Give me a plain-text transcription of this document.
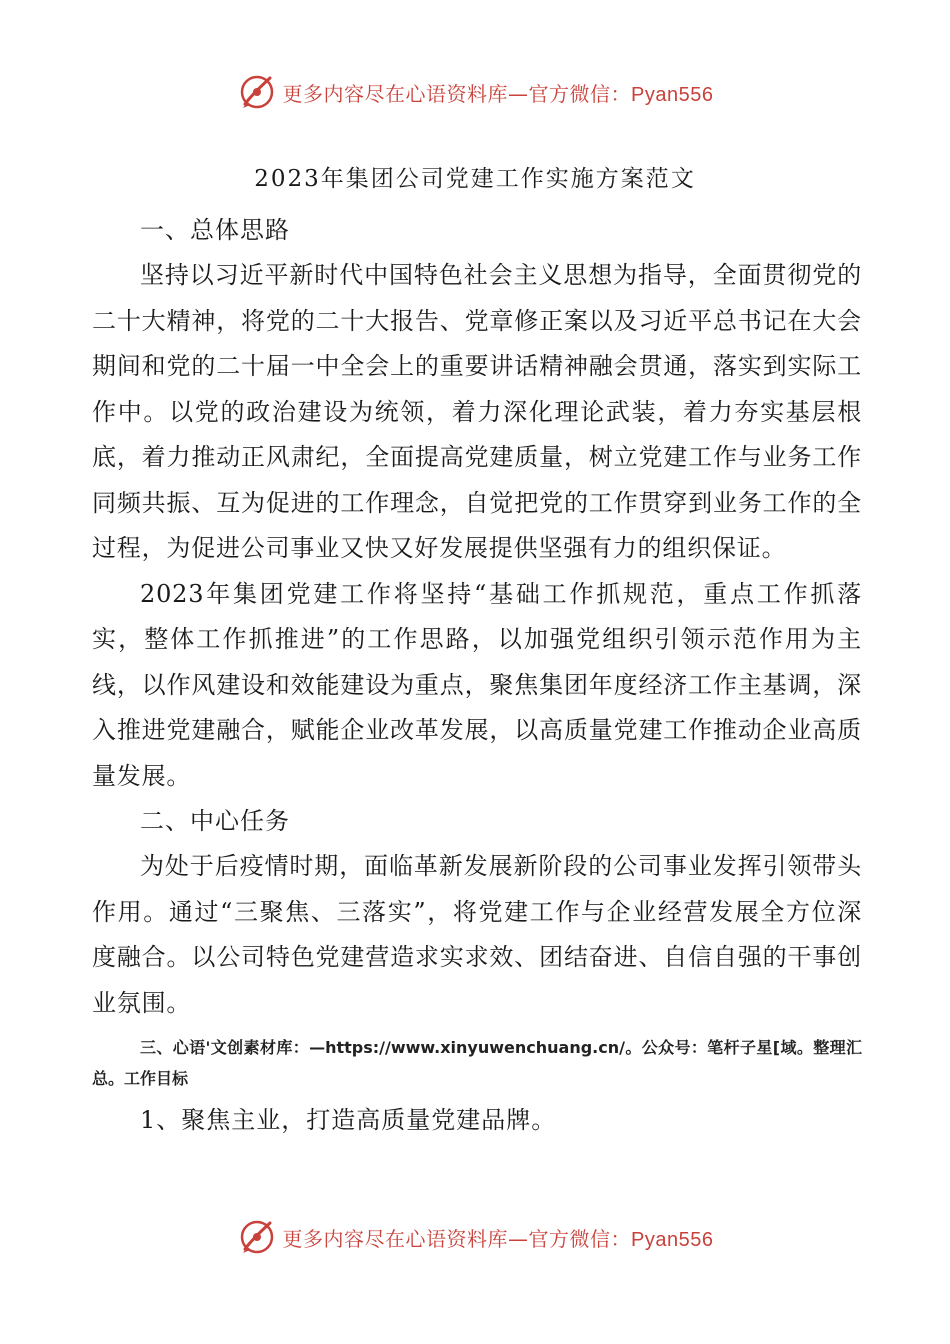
更多内容尽在心语资料库—官方微信：Pyan556
2023年集团公司党建工作实施方案范文

一、总体思路

坚持以习近平新时代中国特色社会主义思想为指导，全面贯彻党的二十大精神，将党的二十大报告、党章修正案以及习近平总书记在大会期间和党的二十届一中全会上的重要讲话精神融会贯通，落实到实际工作中。以党的政治建设为统领，着力深化理论武装，着力夯实基层根底，着力推动正风肃纪，全面提高党建质量，树立党建工作与业务工作同频共振、互为促进的工作理念，自觉把党的工作贯穿到业务工作的全过程，为促进公司事业又快又好发展提供坚强有力的组织保证。

2023年集团党建工作将坚持“基础工作抓规范，重点工作抓落实，整体工作抓推进”的工作思路，以加强党组织引领示范作用为主线，以作风建设和效能建设为重点，聚焦集团年度经济工作主基调，深入推进党建融合，赋能企业改革发展，以高质量党建工作推动企业高质量发展。

二、中心任务

为处于后疫情时期，面临革新发展新阶段的公司事业发挥引领带头作用。通过“三聚焦、三落实”，将党建工作与企业经营发展全方位深度融合。以公司特色党建营造求实求效、团结奋进、自信自强的干事创业氛围。

三、心语'文创素材库：—https://www.xinyuwenchuang.cn/。公众号：笔杆子星[域。整理汇总。工作目标

1、聚焦主业，打造高质量党建品牌。

更多内容尽在心语资料库—官方微信：Pyan556
